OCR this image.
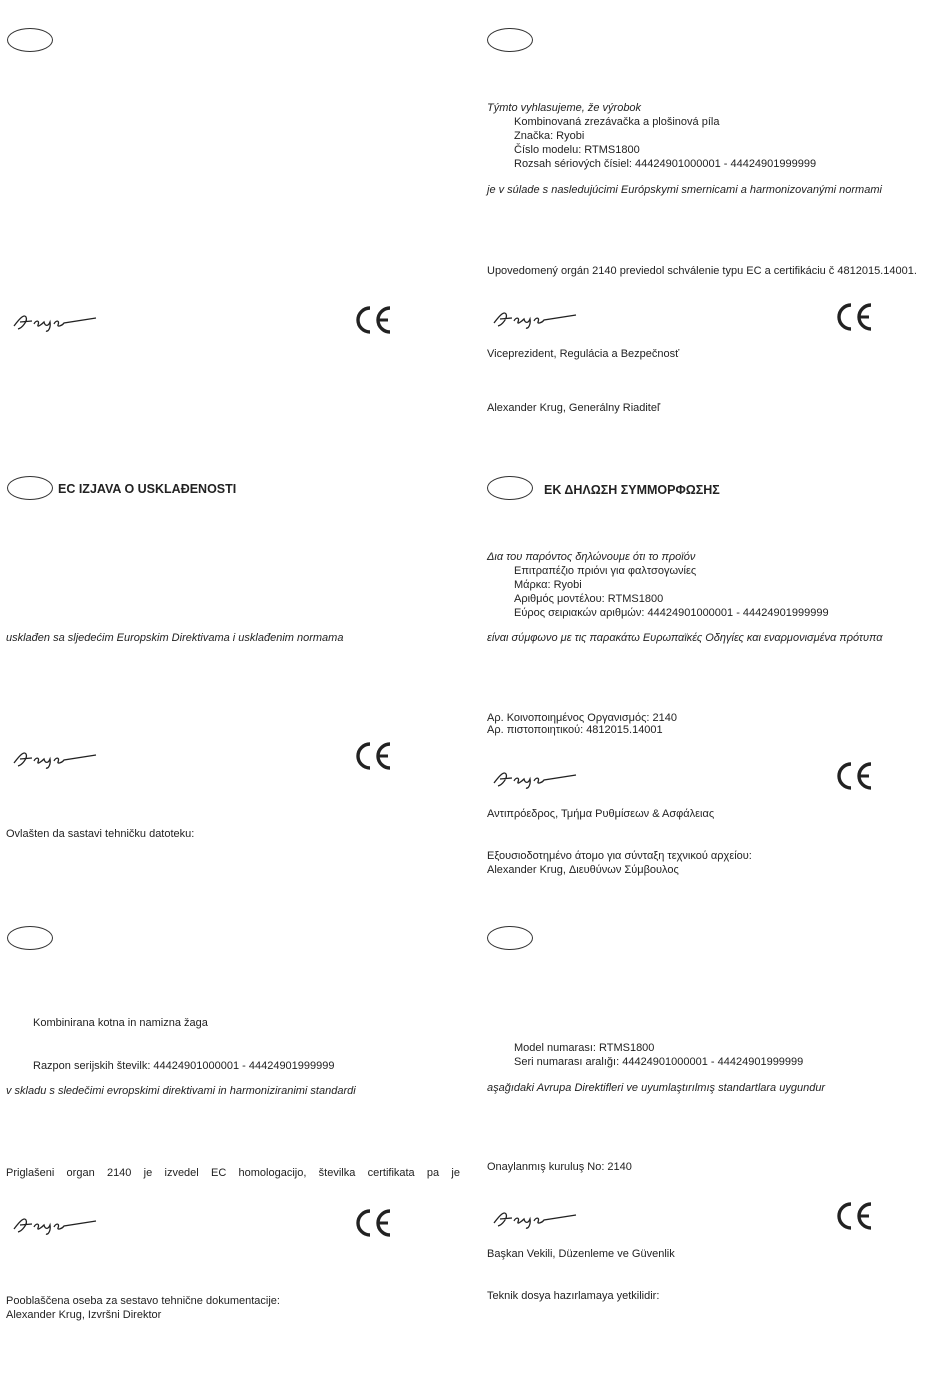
Týmto vyhlasujeme, že výrobok
Kombinovaná zrezávačka a plošinová píla
Značka: Ryobi
Číslo modelu: RTMS1800
Rozsah sériových čísiel: 44424901000001 - 44424901999999
je v súlade s nasledujúcimi Európskymi smernicami a harmonizovanými normami
Upovedomený orgán 2140 previedol schválenie typu EC a certifikáciu č 4812015.14001.
Viceprezident, Regulácia a Bezpečnosť
Alexander Krug, Generálny Riaditeľ
EC IZJAVA O USKLAĐENOSTI
usklađen sa sljedećim Europskim Direktivama i usklađenim normama
Ovlašten da sastavi tehničku datoteku:
ΕΚ ΔΗΛΩΣΗ ΣΥΜΜΟΡΦΩΣΗΣ
Δια του παρόντος δηλώνουμε ότι το προϊόν
Επιτραπέζιο πριόνι για φαλτσογωνίες
Μάρκα: Ryobi
Αριθμός μοντέλου: RTMS1800
Εύρος σειριακών αριθμών: 44424901000001 - 44424901999999
είναι σύμφωνο με τις παρακάτω Ευρωπαϊκές Οδηγίες και εναρμονισμένα πρότυπα
Αρ. Κοινοποιημένος Οργανισμός: 2140
Αρ. πιστοποιητικού: 4812015.14001
Αντιπρόεδρος, Τμήμα Ρυθμίσεων & Ασφάλειας
Εξουσιοδοτημένο άτομο για σύνταξη τεχνικού αρχείου:
Alexander Krug, Διευθύνων Σύμβουλος
Kombinirana kotna in namizna žaga
Razpon serijskih številk: 44424901000001 - 44424901999999
v skladu s sledečimi evropskimi direktivami in harmoniziranimi standardi
Priglašeni organ 2140 je izvedel EC homologacijo, številka certifikata pa je
Pooblaščena oseba za sestavo tehnične dokumentacije:
Alexander Krug, Izvršni Direktor
Model numarası: RTMS1800
Seri numarası aralığı: 44424901000001 - 44424901999999
aşağıdaki Avrupa Direktifleri ve uyumlaştırılmış standartlara uygundur
Onaylanmış kuruluş No: 2140
Başkan Vekili, Düzenleme ve Güvenlik
Teknik dosya hazırlamaya yetkilidir:
